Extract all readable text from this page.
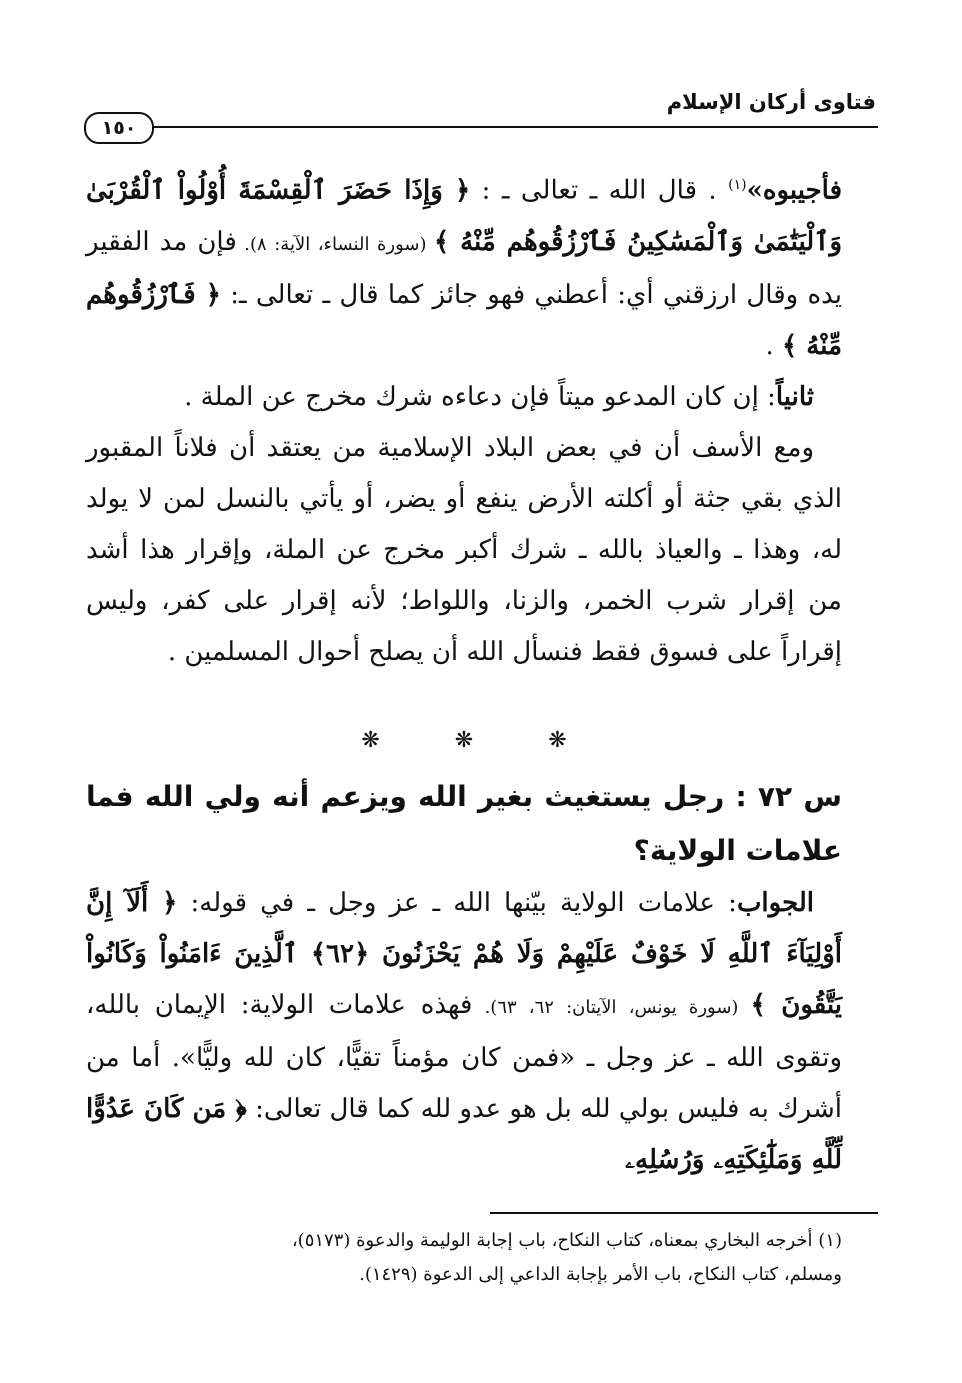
فتاوى أركان الإسلام
١٥٠

فأجيبوه»$^{(١)}$ . قال الله ـ تعالى ـ : ﴿ وَإِذَا حَضَرَ ٱلْقِسْمَةَ أُوْلُواْ ٱلْقُرْبَىٰ وَٱلْيَتَٰمَىٰ وَٱلْمَسَٰكِينُ فَٱرْزُقُوهُم مِّنْهُ ﴾ (سورة النساء، الآية: ٨). فإن مد الفقير يده وقال ارزقني أي: أعطني فهو جائز كما قال ـ تعالى ـ: ﴿ فَٱرْزُقُوهُم مِّنْهُ ﴾ .

ثانياً: إن كان المدعو ميتاً فإن دعاءه شرك مخرج عن الملة .

ومع الأسف أن في بعض البلاد الإسلامية من يعتقد أن فلاناً المقبور الذي بقي جثة أو أكلته الأرض ينفع أو يضر، أو يأتي بالنسل لمن لا يولد له، وهذا ـ والعياذ بالله ـ شرك أكبر مخرج عن الملة، وإقرار هذا أشد من إقرار شرب الخمر، والزنا، واللواط؛ لأنه إقرار على كفر، وليس إقراراً على فسوق فقط فنسأل الله أن يصلح أحوال المسلمين .

❋ ❋ ❋
س ٧٢ : رجل يستغيث بغير الله ويزعم أنه ولي الله فما علامات الولاية؟

الجواب: علامات الولاية بيّنها الله ـ عز وجل ـ في قوله: ﴿ أَلَآ إِنَّ أَوْلِيَآءَ ٱللَّهِ لَا خَوْفٌ عَلَيْهِمْ وَلَا هُمْ يَحْزَنُونَ ﴿٦٢﴾ ٱلَّذِينَ ءَامَنُواْ وَكَانُواْ يَتَّقُونَ ﴾ (سورة يونس، الآيتان: ٦٢، ٦٣). فهذه علامات الولاية: الإيمان بالله، وتقوى الله ـ عز وجل ـ «فمن كان مؤمناً تقيًّا، كان لله وليًّا». أما من أشرك به فليس بولي لله بل هو عدو لله كما قال تعالى: ﴿ مَن كَانَ عَدُوًّا لِّلَّهِ وَمَلَٰٓئِكَتِهِۦ وَرُسُلِهِۦ

(١) أخرجه البخاري بمعناه، كتاب النكاح، باب إجابة الوليمة والدعوة (٥١٧٣)،

ومسلم، كتاب النكاح، باب الأمر بإجابة الداعي إلى الدعوة (١٤٢٩).
